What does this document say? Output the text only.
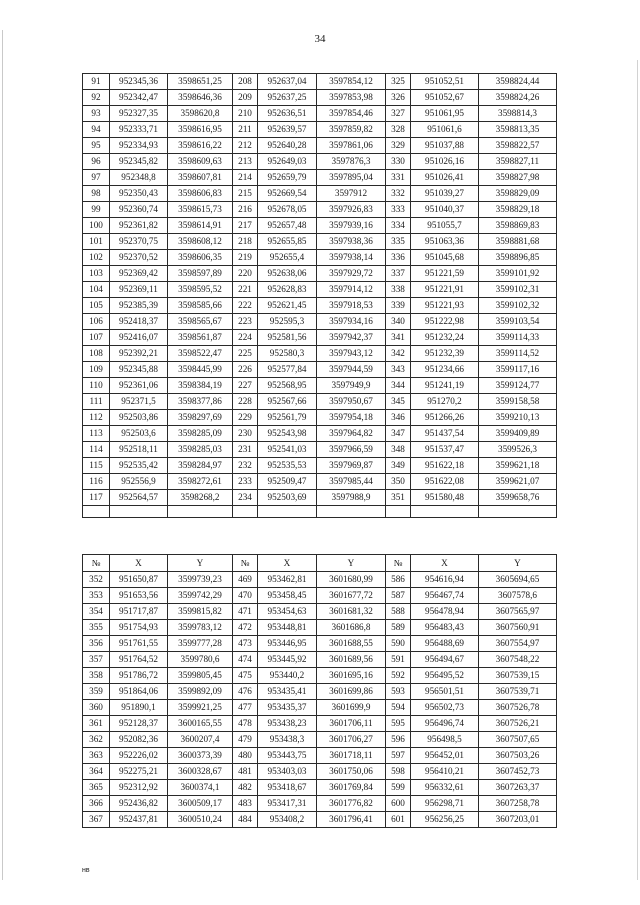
34
91	952345,36	3598651,25	208	952637,04	3597854,12	325	951052,51	3598824,44
92	952342,47	3598646,36	209	952637,25	3597853,98	326	951052,67	3598824,26
93	952327,35	3598620,8	210	952636,51	3597854,46	327	951061,95	3598814,3
94	952333,71	3598616,95	211	952639,57	3597859,82	328	951061,6	3598813,35
95	952334,93	3598616,22	212	952640,28	3597861,06	329	951037,88	3598822,57
96	952345,82	3598609,63	213	952649,03	3597876,3	330	951026,16	3598827,11
97	952348,8	3598607,81	214	952659,79	3597895,04	331	951026,41	3598827,98
98	952350,43	3598606,83	215	952669,54	3597912	332	951039,27	3598829,09
99	952360,74	3598615,73	216	952678,05	3597926,83	333	951040,37	3598829,18
100	952361,82	3598614,91	217	952657,48	3597939,16	334	951055,7	3598869,83
101	952370,75	3598608,12	218	952655,85	3597938,36	335	951063,36	3598881,68
102	952370,52	3598606,35	219	952655,4	3597938,14	336	951045,68	3598896,85
103	952369,42	3598597,89	220	952638,06	3597929,72	337	951221,59	3599101,92
104	952369,11	3598595,52	221	952628,83	3597914,12	338	951221,91	3599102,31
105	952385,39	3598585,66	222	952621,45	3597918,53	339	951221,93	3599102,32
106	952418,37	3598565,67	223	952595,3	3597934,16	340	951222,98	3599103,54
107	952416,07	3598561,87	224	952581,56	3597942,37	341	951232,24	3599114,33
108	952392,21	3598522,47	225	952580,3	3597943,12	342	951232,39	3599114,52
109	952345,88	3598445,99	226	952577,84	3597944,59	343	951234,66	3599117,16
110	952361,06	3598384,19	227	952568,95	3597949,9	344	951241,19	3599124,77
111	952371,5	3598377,86	228	952567,66	3597950,67	345	951270,2	3599158,58
112	952503,86	3598297,69	229	952561,79	3597954,18	346	951266,26	3599210,13
113	952503,6	3598285,09	230	952543,98	3597964,82	347	951437,54	3599409,89
114	952518,11	3598285,03	231	952541,03	3597966,59	348	951537,47	3599526,3
115	952535,42	3598284,97	232	952535,53	3597969,87	349	951622,18	3599621,18
116	952556,9	3598272,61	233	952509,47	3597985,44	350	951622,08	3599621,07
117	952564,57	3598268,2	234	952503,69	3597988,9	351	951580,48	3599658,76

№	X	Y	№	X	Y	№	X	Y
352	951650,87	3599739,23	469	953462,81	3601680,99	586	954616,94	3605694,65
353	951653,56	3599742,29	470	953458,45	3601677,72	587	956467,74	3607578,6
354	951717,87	3599815,82	471	953454,63	3601681,32	588	956478,94	3607565,97
355	951754,93	3599783,12	472	953448,81	3601686,8	589	956483,43	3607560,91
356	951761,55	3599777,28	473	953446,95	3601688,55	590	956488,69	3607554,97
357	951764,52	3599780,6	474	953445,92	3601689,56	591	956494,67	3607548,22
358	951786,72	3599805,45	475	953440,2	3601695,16	592	956495,52	3607539,15
359	951864,06	3599892,09	476	953435,41	3601699,86	593	956501,51	3607539,71
360	951890,1	3599921,25	477	953435,37	3601699,9	594	956502,73	3607526,78
361	952128,37	3600165,55	478	953438,23	3601706,11	595	956496,74	3607526,21
362	952082,36	3600207,4	479	953438,3	3601706,27	596	956498,5	3607507,65
363	952226,02	3600373,39	480	953443,75	3601718,11	597	956452,01	3607503,26
364	952275,21	3600328,67	481	953403,03	3601750,06	598	956410,21	3607452,73
365	952312,92	3600374,1	482	953418,67	3601769,84	599	956332,61	3607263,37
366	952436,82	3600509,17	483	953417,31	3601776,82	600	956298,71	3607258,78
367	952437,81	3600510,24	484	953408,2	3601796,41	601	956256,25	3607203,01
нв
